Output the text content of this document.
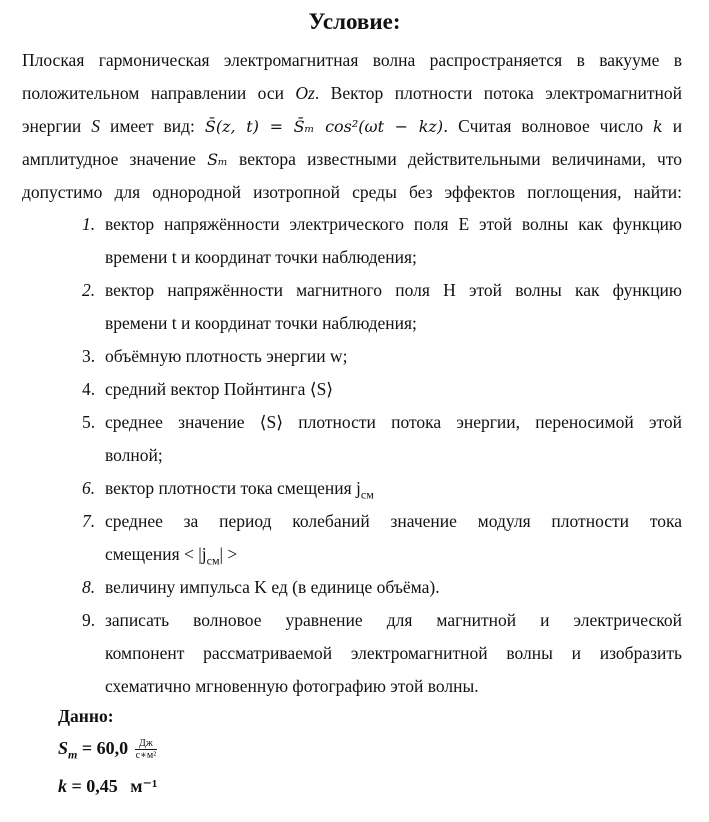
Условие:
Плоская гармоническая электромагнитная волна распространяется в вакууме в
положительном направлении оси Oz. Вектор плотности потока электромагнитной
энергии S имеет вид: S̄(z, t) = S̄ₘ cos²(ωt − kz). Считая волновое число k и
амплитудное значение Sₘ вектора известными действительными величинами, что
допустимо для однородной изотропной среды без эффектов поглощения, найти:
1. вектор напряжённости электрического поля E этой волны как функцию
времени t и координат точки наблюдения;
2. вектор напряжённости магнитного поля H этой волны как функцию
времени t и координат точки наблюдения;
3. объёмную плотность энергии w;
4. средний вектор Пойнтинга ⟨S⟩
5. среднее значение ⟨S⟩ плотности потока энергии, переносимой этой
волной;
6. вектор плотности тока смещения $j_{см}$
7. среднее за период колебаний значение модуля плотности тока
смещения < $|j_{см}|$ >
8. величину импульса K ед (в единице объёма).
9. записать волновое уравнение для магнитной и электрической
компонент рассматриваемой электромагнитной волны и изобразить
схематично мгновенную фотографию этой волны.
Данно:
$S_m = 60,0 \frac{Дж}{\text{с∗м²}}$
k = 0,45 м⁻¹
